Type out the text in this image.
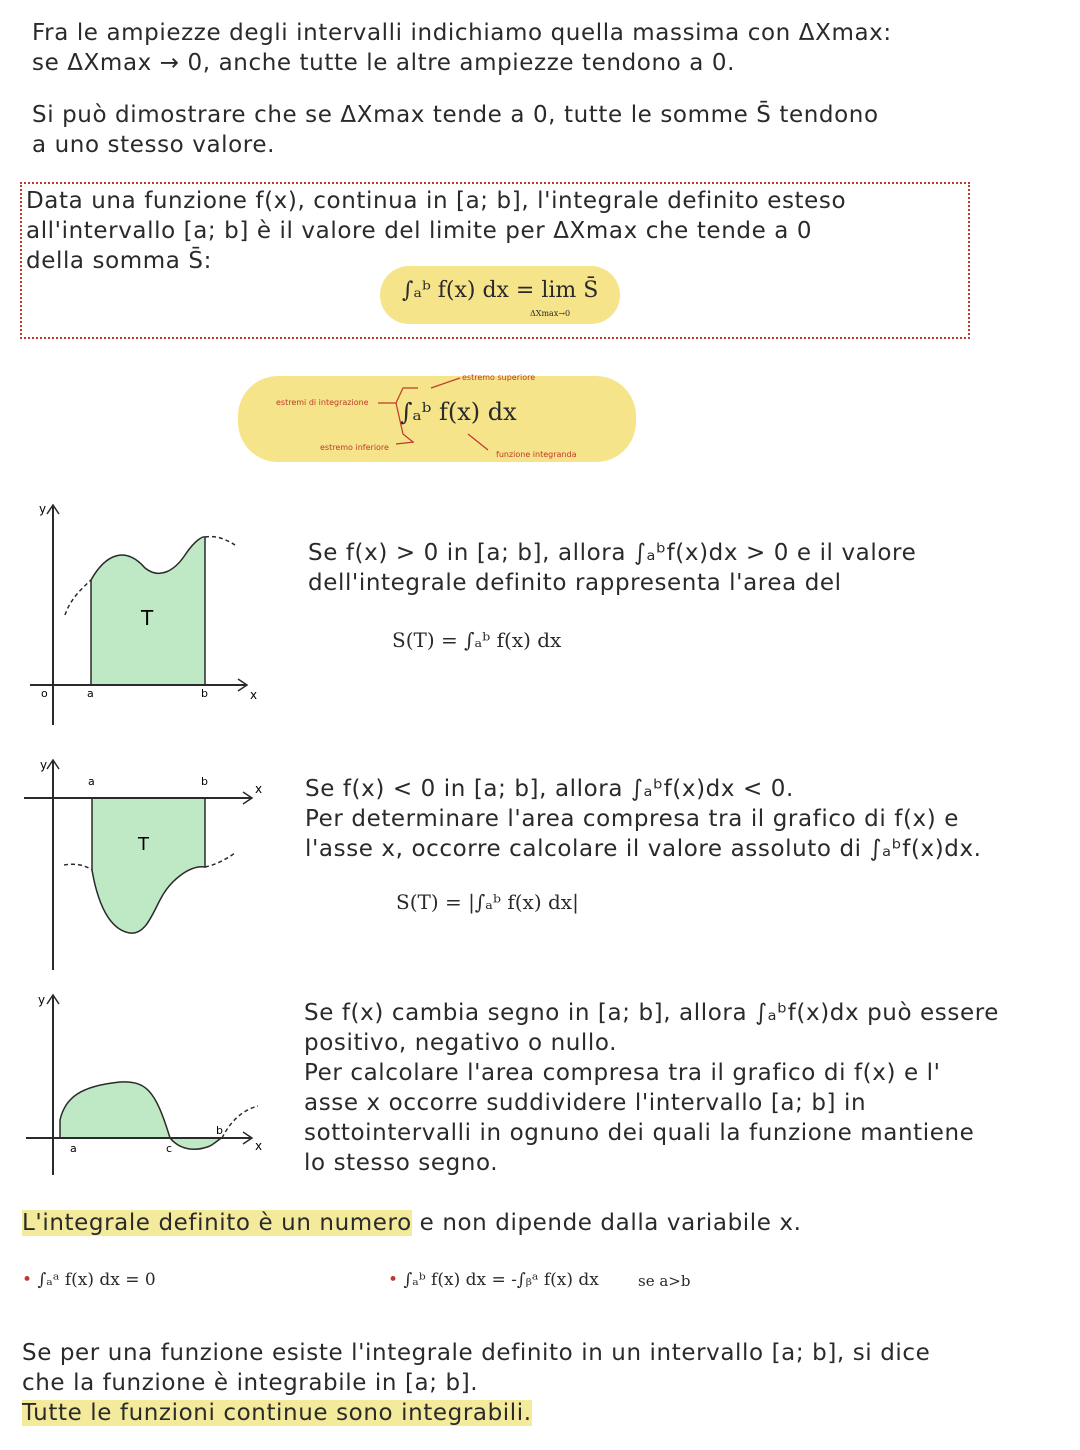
Fra le ampiezze degli intervalli indichiamo quella massima con ΔXmax:
se ΔXmax → 0, anche tutte le altre ampiezze tendono a 0.
Si può dimostrare che se ΔXmax tende a 0, tutte le somme S̄ tendono
a uno stesso valore.
Data una funzione f(x), continua in [a; b], l'integrale definito esteso
all'intervallo [a; b] è il valore del limite per ΔXmax che tende a 0
della somma S̄:
∫ₐᵇ f(x) dx = lim S̄
ΔXmax→0
∫ₐᵇ f(x) dx
estremi di integrazione
estremo superiore
estremo inferiore
funzione integranda
y
x
o	a	b
T
Se f(x) > 0 in [a; b], allora ∫ₐᵇf(x)dx > 0 e il valore
dell'integrale definito rappresenta l'area del
S(T) = ∫ₐᵇ f(x) dx
y
x
a	b
T
Se f(x) < 0 in [a; b], allora ∫ₐᵇf(x)dx < 0.
Per determinare l'area compresa tra il grafico di f(x) e
l'asse x, occorre calcolare il valore assoluto di ∫ₐᵇf(x)dx.
S(T) = |∫ₐᵇ f(x) dx|
y
x
a	c
b
Se f(x) cambia segno in [a; b], allora ∫ₐᵇf(x)dx può essere
positivo, negativo o nullo.
Per calcolare l'area compresa tra il grafico di f(x) e l'
asse x occorre suddividere l'intervallo [a; b] in
sottointervalli in ognuno dei quali la funzione mantiene
lo stesso segno.
L'integrale definito è un numero e non dipende dalla variabile x.
• ∫ₐᵃ f(x) dx = 0	• ∫ₐᵇ f(x) dx = -∫ᵦᵃ f(x) dx	se a>b
Se per una funzione esiste l'integrale definito in un intervallo [a; b], si dice
che la funzione è integrabile in [a; b].
Tutte le funzioni continue sono integrabili.
